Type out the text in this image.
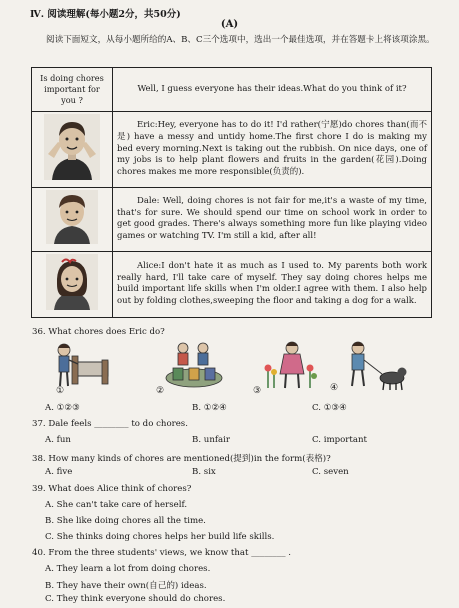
Ⅳ. 阅读理解(每小题2分，共50分)
(A)
阅读下面短文，从每小题所给的A、B、C三个选项中，选出一个最佳选项，并在答题卡上将该项涂黑。
Is doing chores important for you ?	Well, I guess everyone has their ideas.What do you think of it?
	Eric:Hey, everyone has to do it! I'd rather(宁愿)do chores than(而不是) have a messy and untidy home.The first chore I do is making my bed every morning.Next is taking out the rubbish. On nice days, one of my jobs is to help plant flowers and fruits in the garden(花园).Doing chores makes me more responsible(负责的).
	Dale: Well, doing chores is not fair for me,it's a waste of my time, that's for sure. We should spend our time on school work in order to get good grades. There's always something more fun like playing video games or watching TV. I'm still a kid, after all!
	Alice:I don't hate it as much as I used to. My parents both work really hard, I'll take care of myself. They say doing chores helps me build important life skills when I'm older.I agree with them. I also help out by folding clothes,sweeping the floor and taking a dog for a walk.
36. What chores does Eric do?
①	②	③	④
A. ①②③	B. ①②④	C. ①③④
37. Dale feels ________ to do chores.
A. fun	B. unfair	C. important
38. How many kinds of chores are mentioned(提到)in the form(表格)?
A. five	B. six	C. seven
39. What does Alice think of chores?
A. She can't take care of herself.
B. She like doing chores all the time.
C. She thinks doing chores helps her build life skills.
40. From the three students' views, we know that ________ .
A. They learn a lot from doing chores.
B. They have their own(自己的) ideas.
C. They think everyone should do chores.
